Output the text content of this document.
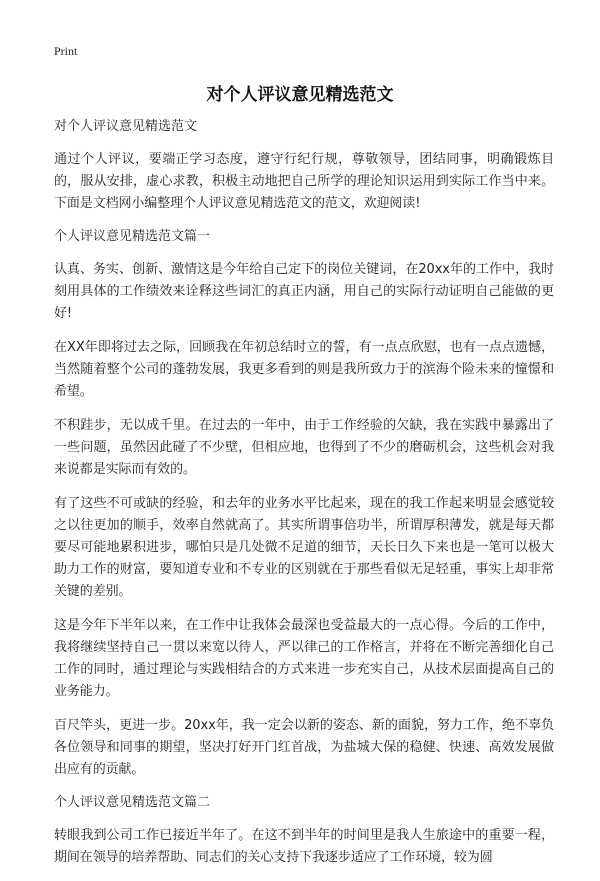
Print
对个人评议意见精选范文

对个人评议意见精选范文

通过个人评议，要端正学习态度，遵守行纪行规，尊敬领导，团结同事，明确锻炼目的，服从安排，虚心求教，积极主动地把自己所学的理论知识运用到实际工作当中来。下面是文档网小编整理个人评议意见精选范文的范文，欢迎阅读!

个人评议意见精选范文篇一

认真、务实、创新、激情这是今年给自己定下的岗位关键词，在20xx年的工作中，我时刻用具体的工作绩效来诠释这些词汇的真正内涵，用自己的实际行动证明自己能做的更好!

在XX年即将过去之际，回顾我在年初总结时立的誓，有一点点欣慰，也有一点点遗憾，当然随着整个公司的蓬勃发展，我更多看到的则是我所致力于的滨海个险未来的憧憬和希望。

不积跬步，无以成千里。在过去的一年中，由于工作经验的欠缺，我在实践中暴露出了一些问题，虽然因此碰了不少壁，但相应地，也得到了不少的磨砺机会，这些机会对我来说都是实际而有效的。

有了这些不可或缺的经验，和去年的业务水平比起来，现在的我工作起来明显会感觉较之以往更加的顺手，效率自然就高了。其实所谓事倍功半，所谓厚积薄发，就是每天都要尽可能地累积进步，哪怕只是几处微不足道的细节，天长日久下来也是一笔可以极大助力工作的财富，要知道专业和不专业的区别就在于那些看似无足轻重，事实上却非常关键的差别。

这是今年下半年以来，在工作中让我体会最深也受益最大的一点心得。今后的工作中，我将继续坚持自己一贯以来宽以待人，严以律己的工作格言，并将在不断完善细化自己工作的同时，通过理论与实践相结合的方式来进一步充实自己，从技术层面提高自己的业务能力。

百尺竿头，更进一步。20xx年，我一定会以新的姿态、新的面貌，努力工作，绝不辜负各位领导和同事的期望，坚决打好开门红首战，为盐城大保的稳健、快速、高效发展做出应有的贡献。

个人评议意见精选范文篇二

转眼我到公司工作已接近半年了。在这不到半年的时间里是我人生旅途中的重要一程，期间在领导的培养帮助、同志们的关心支持下我逐步适应了工作环境，较为圆
